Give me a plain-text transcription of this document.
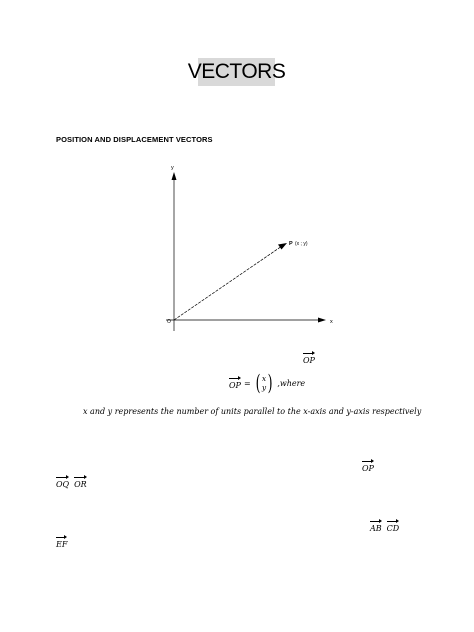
VECTORS
POSITION AND DISPLACEMENT VECTORS
y
x
O
P (x ; y)
OP
OP = ( x
y ) ,where
x and y represents the number of units parallel to the x-axis and y-axis respectively
OP
OQ OR
AB CD
EF
